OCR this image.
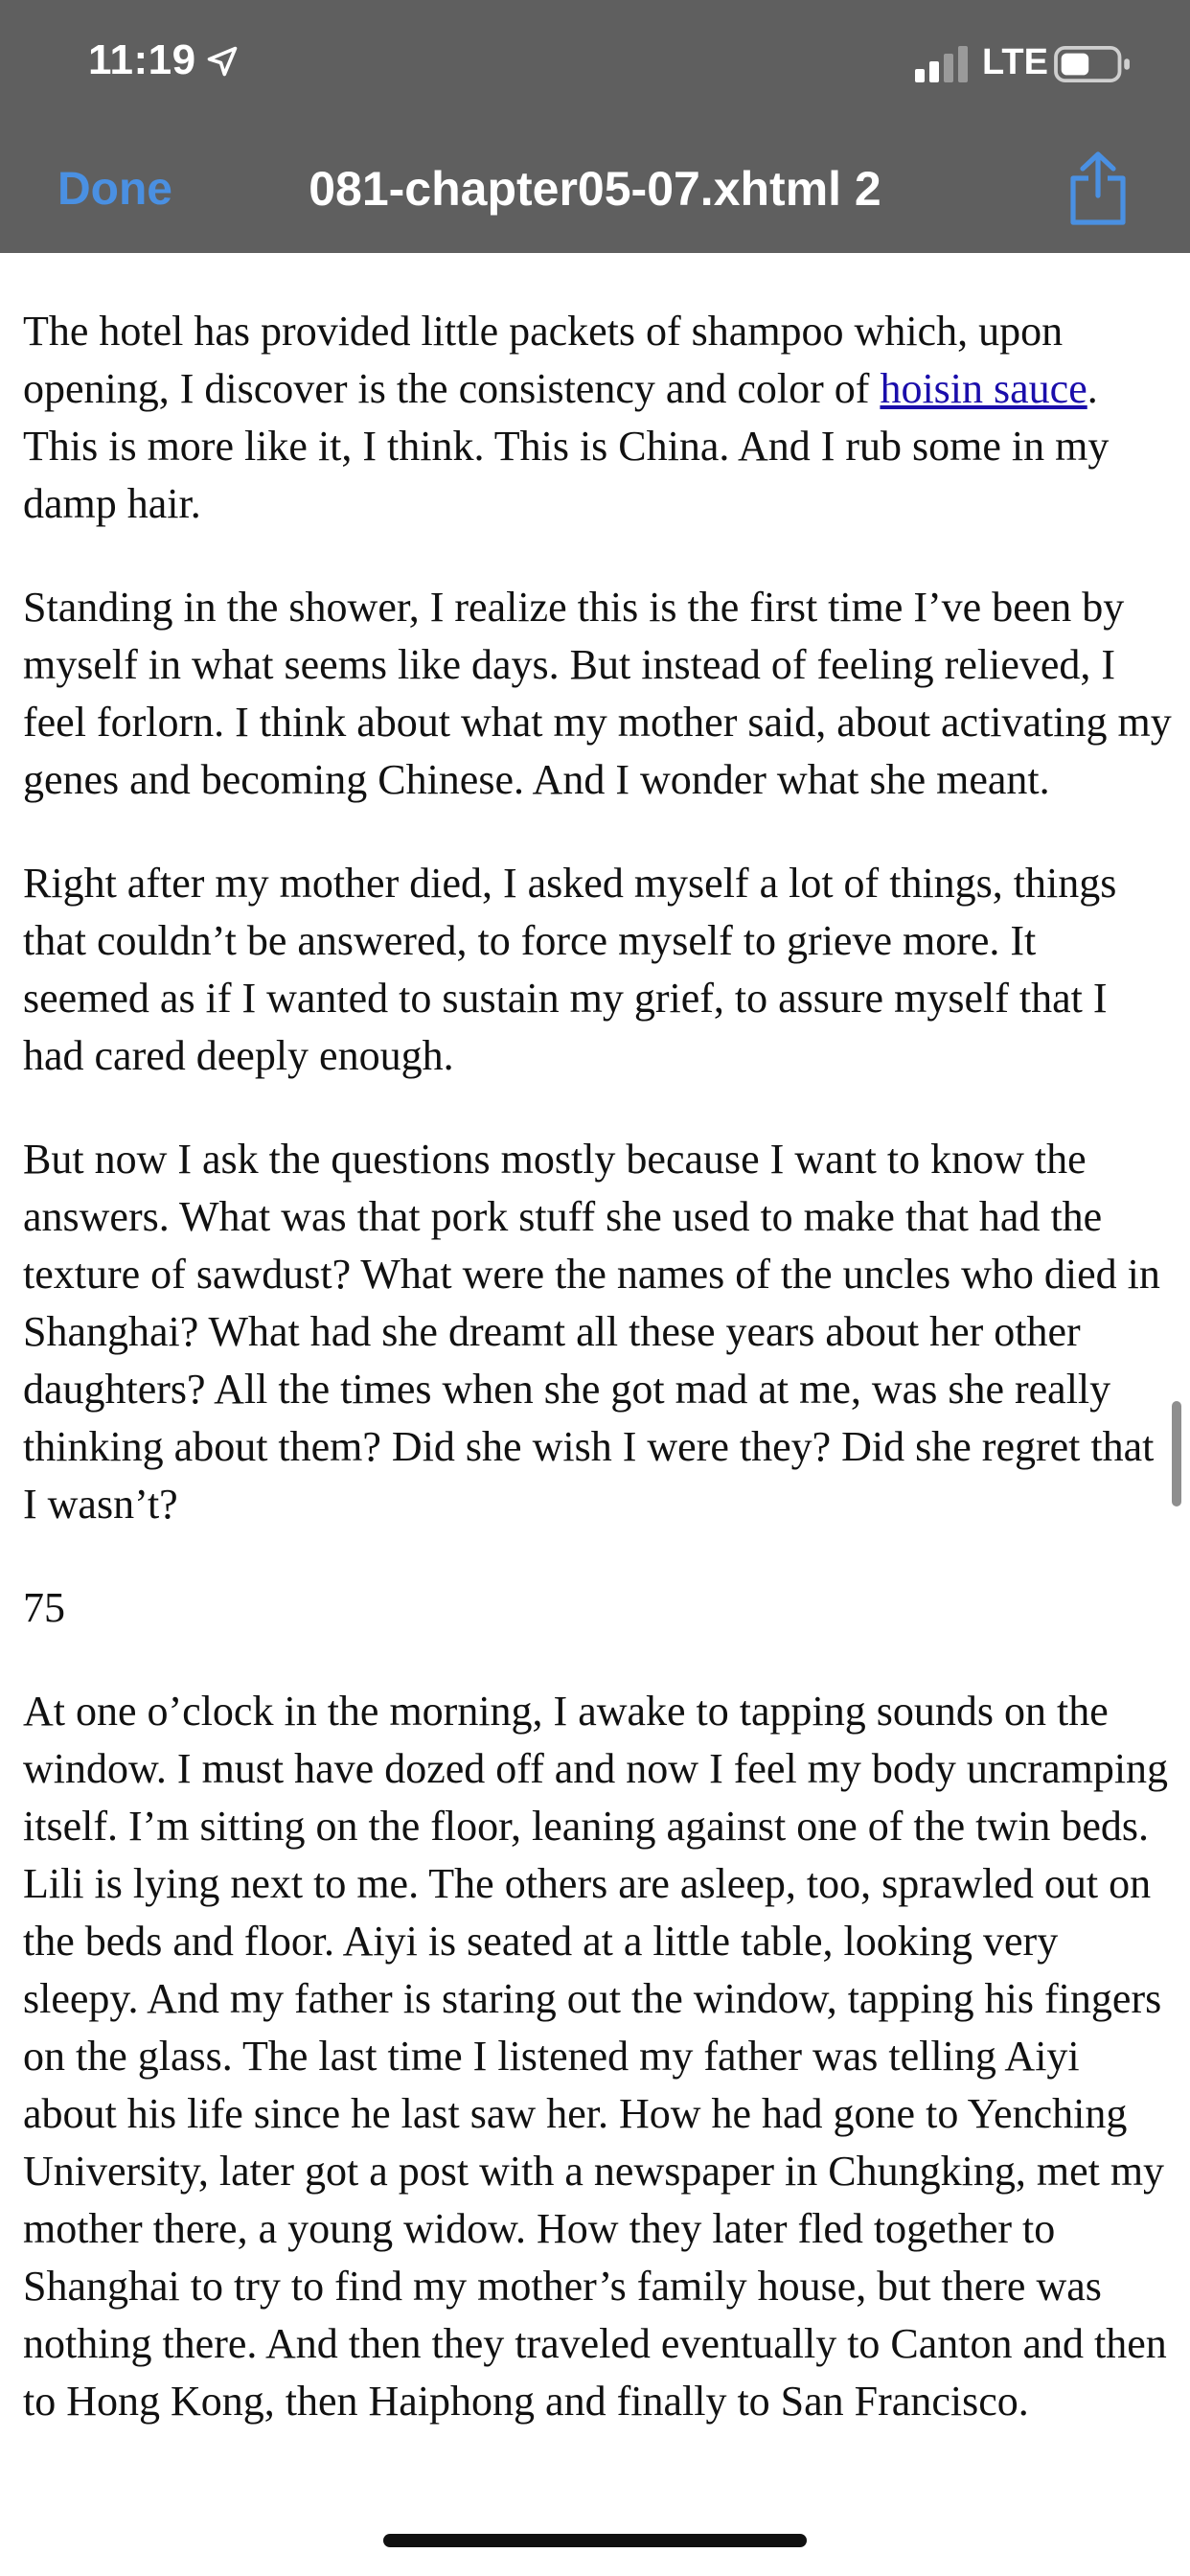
11:19	LTE
Done	081-chapter05-07.xhtml 2

The hotel has provided little packets of shampoo which, upon opening, I discover is the consistency and color of hoisin sauce. This is more like it, I think. This is China. And I rub some in my damp hair.

Standing in the shower, I realize this is the first time I’ve been by myself in what seems like days. But instead of feeling relieved, I feel forlorn. I think about what my mother said, about activating my genes and becoming Chinese. And I wonder what she meant.

Right after my mother died, I asked myself a lot of things, things that couldn’t be answered, to force myself to grieve more. It seemed as if I wanted to sustain my grief, to assure myself that I had cared deeply enough.

But now I ask the questions mostly because I want to know the answers. What was that pork stuff she used to make that had the texture of sawdust? What were the names of the uncles who died in Shanghai? What had she dreamt all these years about her other daughters? All the times when she got mad at me, was she really thinking about them? Did she wish I were they? Did she regret that I wasn’t?

75

At one o’clock in the morning, I awake to tapping sounds on the window. I must have dozed off and now I feel my body uncramping itself. I’m sitting on the floor, leaning against one of the twin beds. Lili is lying next to me. The others are asleep, too, sprawled out on the beds and floor. Aiyi is seated at a little table, looking very sleepy. And my father is staring out the window, tapping his fingers on the glass. The last time I listened my father was telling Aiyi about his life since he last saw her. How he had gone to Yenching University, later got a post with a newspaper in Chungking, met my mother there, a young widow. How they later fled together to Shanghai to try to find my mother’s family house, but there was nothing there. And then they traveled eventually to Canton and then to Hong Kong, then Haiphong and finally to San Francisco.
